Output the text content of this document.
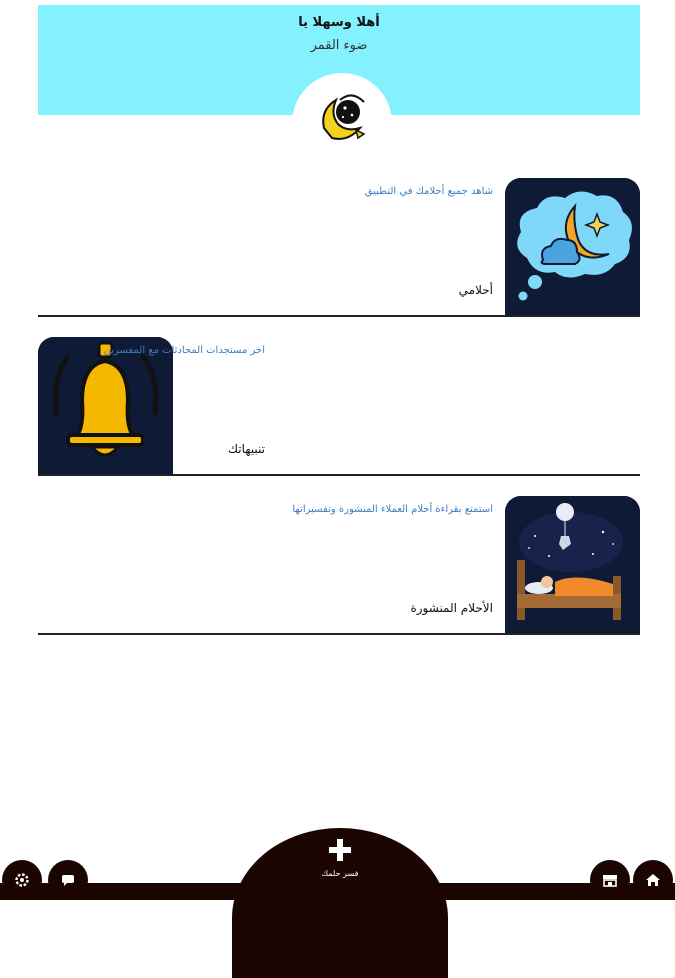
أهلا وسهلا يا
ضوء القمر
شاهد جميع أحلامك في التطبيق
أحلامي
اخر مستجدات المحادثات مع المفسرين
تنبيهاتك
استمتع بقراءة أحلام العملاء المنشورة وتفسيراتها
الأحلام المنشورة
فسر حلمك
